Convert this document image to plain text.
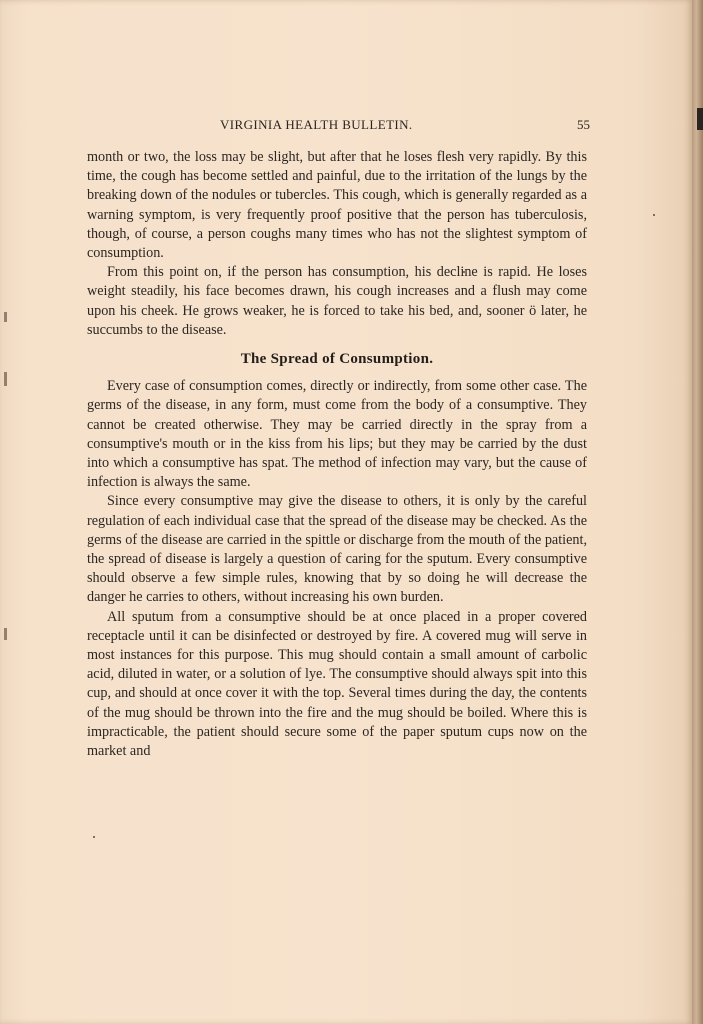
VIRGINIA HEALTH BULLETIN.	55

month or two, the loss may be slight, but after that he loses flesh very rapidly. By this time, the cough has become settled and painful, due to the irritation of the lungs by the breaking down of the nodules or tubercles. This cough, which is generally regarded as a warning symptom, is very frequently proof positive that the person has tuberculosis, though, of course, a person coughs many times who has not the slightest symptom of consumption.

From this point on, if the person has consumption, his decline is rapid. He loses weight steadily, his face becomes drawn, his cough increases and a flush may come upon his cheek. He grows weaker, he is forced to take his bed, and, sooner ö later, he succumbs to the disease.

The Spread of Consumption.

Every case of consumption comes, directly or indirectly, from some other case. The germs of the disease, in any form, must come from the body of a consumptive. They cannot be created otherwise. They may be carried directly in the spray from a consumptive's mouth or in the kiss from his lips; but they may be carried by the dust into which a consumptive has spat. The method of infection may vary, but the cause of infection is always the same.

Since every consumptive may give the disease to others, it is only by the careful regulation of each individual case that the spread of the disease may be checked. As the germs of the disease are carried in the spittle or discharge from the mouth of the patient, the spread of disease is largely a question of caring for the sputum. Every consumptive should observe a few simple rules, knowing that by so doing he will decrease the danger he carries to others, without increasing his own burden.

All sputum from a consumptive should be at once placed in a proper covered receptacle until it can be disinfected or destroyed by fire. A covered mug will serve in most instances for this purpose. This mug should contain a small amount of carbolic acid, diluted in water, or a solution of lye. The consumptive should always spit into this cup, and should at once cover it with the top. Several times during the day, the contents of the mug should be thrown into the fire and the mug should be boiled. Where this is impracticable, the patient should secure some of the paper sputum cups now on the market and
